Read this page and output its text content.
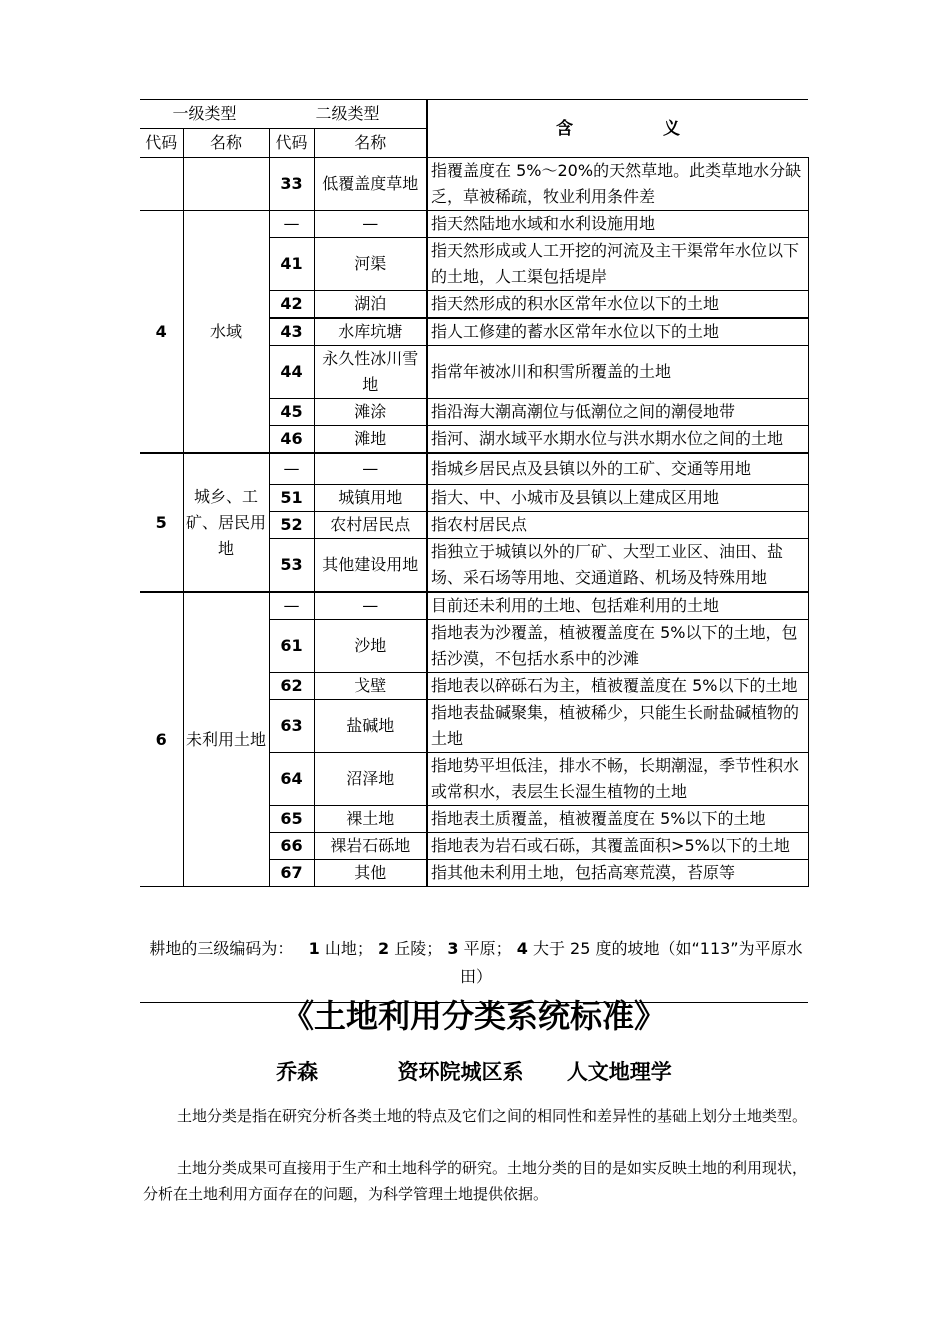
一级类型		二级类型		含 义
代码	名称	代码	名称	
		33	低覆盖度草地	指覆盖度在 5%～20%的天然草地。此类草地水分缺乏，草被稀疏，牧业利用条件差
4	水域	—	—	指天然陆地水域和水利设施用地
		41	河渠	指天然形成或人工开挖的河流及主干渠常年水位以下的土地，人工渠包括堤岸
		42	湖泊	指天然形成的积水区常年水位以下的土地
		43	水库坑塘	指人工修建的蓄水区常年水位以下的土地
		44	永久性冰川雪地	指常年被冰川和积雪所覆盖的土地
		45	滩涂	指沿海大潮高潮位与低潮位之间的潮侵地带
		46	滩地	指河、湖水域平水期水位与洪水期水位之间的土地
5	城乡、工矿、居民用地	—	—	指城乡居民点及县镇以外的工矿、交通等用地
		51	城镇用地	指大、中、小城市及县镇以上建成区用地
		52	农村居民点	指农村居民点
		53	其他建设用地	指独立于城镇以外的厂矿、大型工业区、油田、盐场、采石场等用地、交通道路、机场及特殊用地
6	未利用土地	—	—	目前还未利用的土地、包括难利用的土地
		61	沙地	指地表为沙覆盖，植被覆盖度在 5%以下的土地，包括沙漠，不包括水系中的沙滩
		62	戈壁	指地表以碎砾石为主，植被覆盖度在 5%以下的土地
		63	盐碱地	指地表盐碱聚集，植被稀少，只能生长耐盐碱植物的土地
		64	沼泽地	指地势平坦低洼，排水不畅，长期潮湿，季节性积水或常积水，表层生长湿生植物的土地
		65	裸土地	指地表土质覆盖，植被覆盖度在 5%以下的土地
		66	裸岩石砾地	指地表为岩石或石砾，其覆盖面积>5%以下的土地
		67	其他	指其他未利用土地，包括高寒荒漠，苔原等
耕地的三级编码为： 1 山地； 2 丘陵； 3 平原； 4 大于 25 度的坡地（如“113”为平原水田）
《土地利用分类系统标准》
乔森	资环院城区系 人文地理学

土地分类是指在研究分析各类土地的特点及它们之间的相同性和差异性的基础上划分土地类型。

土地分类成果可直接用于生产和土地科学的研究。土地分类的目的是如实反映土地的利用现状，分析在土地利用方面存在的问题，为科学管理土地提供依据。
